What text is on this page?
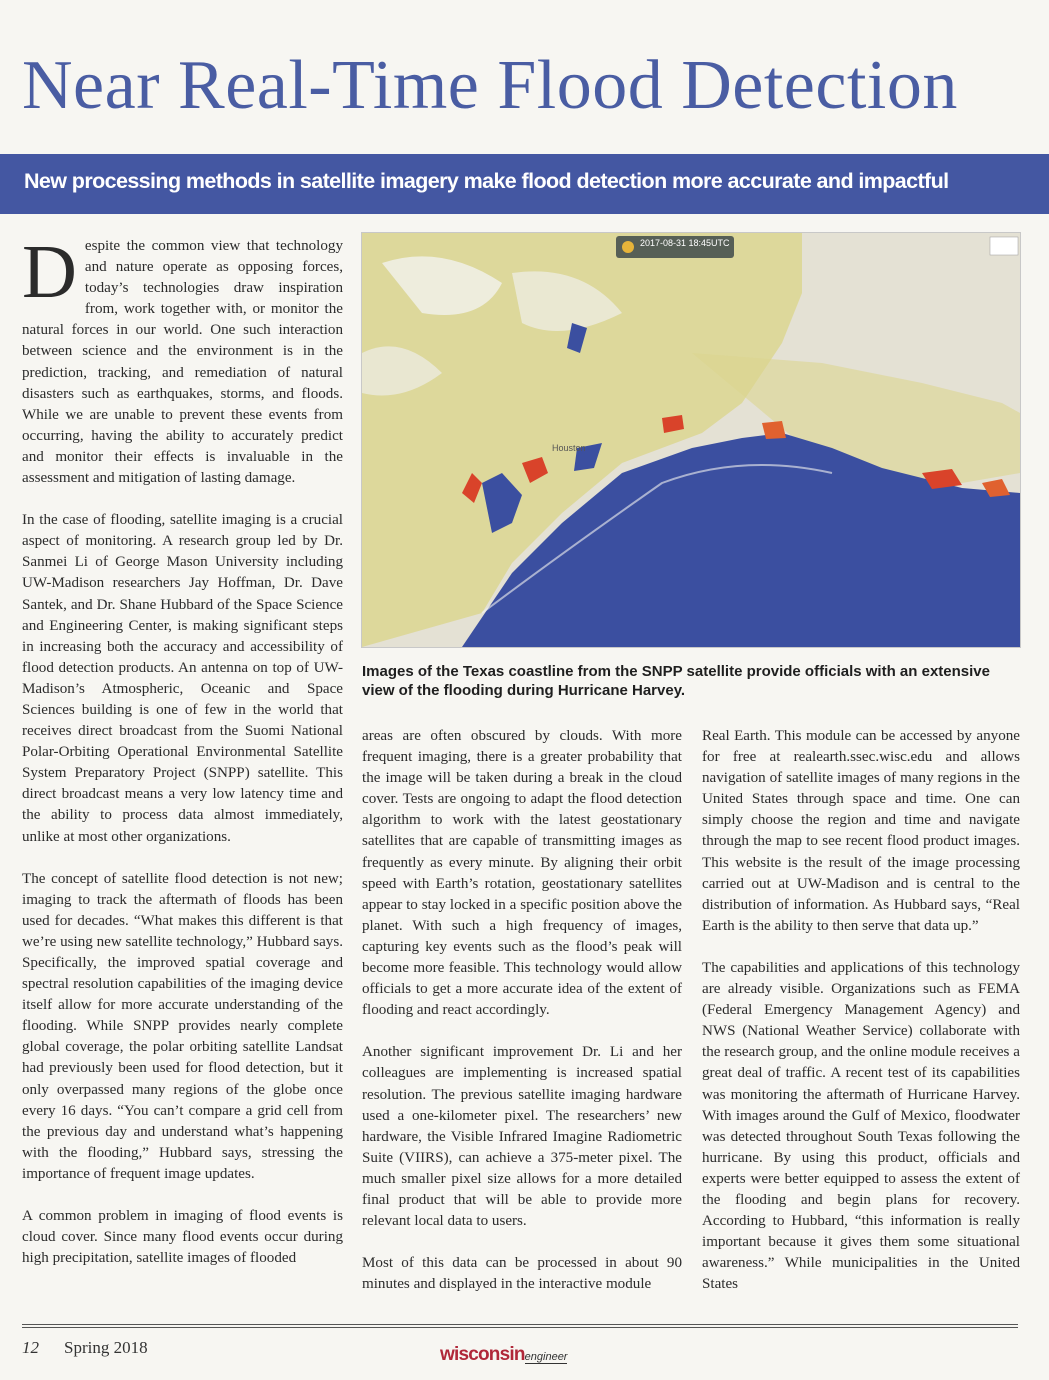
Near Real-Time Flood Detection
New processing methods in satellite imagery make flood detection more accurate and impactful

Despite the common view that technology and nature operate as opposing forces, today’s technologies draw inspiration from, work together with, or monitor the natural forces in our world. One such interaction between science and the environment is in the prediction, tracking, and remediation of natural disasters such as earthquakes, storms, and floods. While we are unable to prevent these events from occurring, having the ability to accurately predict and monitor their effects is invaluable in the assessment and mitigation of lasting damage.

In the case of flooding, satellite imaging is a crucial aspect of monitoring. A research group led by Dr. Sanmei Li of George Mason University including UW-Madison researchers Jay Hoffman, Dr. Dave Santek, and Dr. Shane Hubbard of the Space Science and Engineering Center, is making significant steps in increasing both the accuracy and accessibility of flood detection products. An antenna on top of UW-Madison’s Atmospheric, Oceanic and Space Sciences building is one of few in the world that receives direct broadcast from the Suomi National Polar-Orbiting Operational Environmental Satellite System Preparatory Project (SNPP) satellite. This direct broadcast means a very low latency time and the ability to process data almost immediately, unlike at most other organizations.

The concept of satellite flood detection is not new; imaging to track the aftermath of floods has been used for decades. “What makes this different is that we’re using new satellite technology,” Hubbard says. Specifically, the improved spatial coverage and spectral resolution capabilities of the imaging device itself allow for more accurate understanding of the flooding. While SNPP provides nearly complete global coverage, the polar orbiting satellite Landsat had previously been used for flood detection, but it only overpassed many regions of the globe once every 16 days. “You can’t compare a grid cell from the previous day and understand what’s happening with the flooding,” Hubbard says, stressing the importance of frequent image updates.

A common problem in imaging of flood events is cloud cover. Since many flood events occur during high precipitation, satellite images of flooded

Houston
2017-08-31 18:45UTC
Images of the Texas coastline from the SNPP satellite provide officials with an extensive view of the flooding during Hurricane Harvey.

areas are often obscured by clouds. With more frequent imaging, there is a greater probability that the image will be taken during a break in the cloud cover. Tests are ongoing to adapt the flood detection algorithm to work with the latest geostationary satellites that are capable of transmitting images as frequently as every minute. By aligning their orbit speed with Earth’s rotation, geostationary satellites appear to stay locked in a specific position above the planet. With such a high frequency of images, capturing key events such as the flood’s peak will become more feasible. This technology would allow officials to get a more accurate idea of the extent of flooding and react accordingly.

Another significant improvement Dr. Li and her colleagues are implementing is increased spatial resolution. The previous satellite imaging hardware used a one-kilometer pixel. The researchers’ new hardware, the Visible Infrared Imagine Radiometric Suite (VIIRS), can achieve a 375-meter pixel. The much smaller pixel size allows for a more detailed final product that will be able to provide more relevant local data to users.

Most of this data can be processed in about 90 minutes and displayed in the interactive module

Real Earth. This module can be accessed by anyone for free at realearth.ssec.wisc.edu and allows navigation of satellite images of many regions in the United States through space and time. One can simply choose the region and time and navigate through the map to see recent flood product images. This website is the result of the image processing carried out at UW-Madison and is central to the distribution of information. As Hubbard says, “Real Earth is the ability to then serve that data up.”

The capabilities and applications of this technology are already visible. Organizations such as FEMA (Federal Emergency Management Agency) and NWS (National Weather Service) collaborate with the research group, and the online module receives a great deal of traffic. A recent test of its capabilities was monitoring the aftermath of Hurricane Harvey. With images around the Gulf of Mexico, floodwater was detected throughout South Texas following the hurricane. By using this product, officials and experts were better equipped to assess the extent of the flooding and begin plans for recovery. According to Hubbard, “this information is really important because it gives them some situational awareness.” While municipalities in the United States

12 Spring 2018	wisconsinengineer
